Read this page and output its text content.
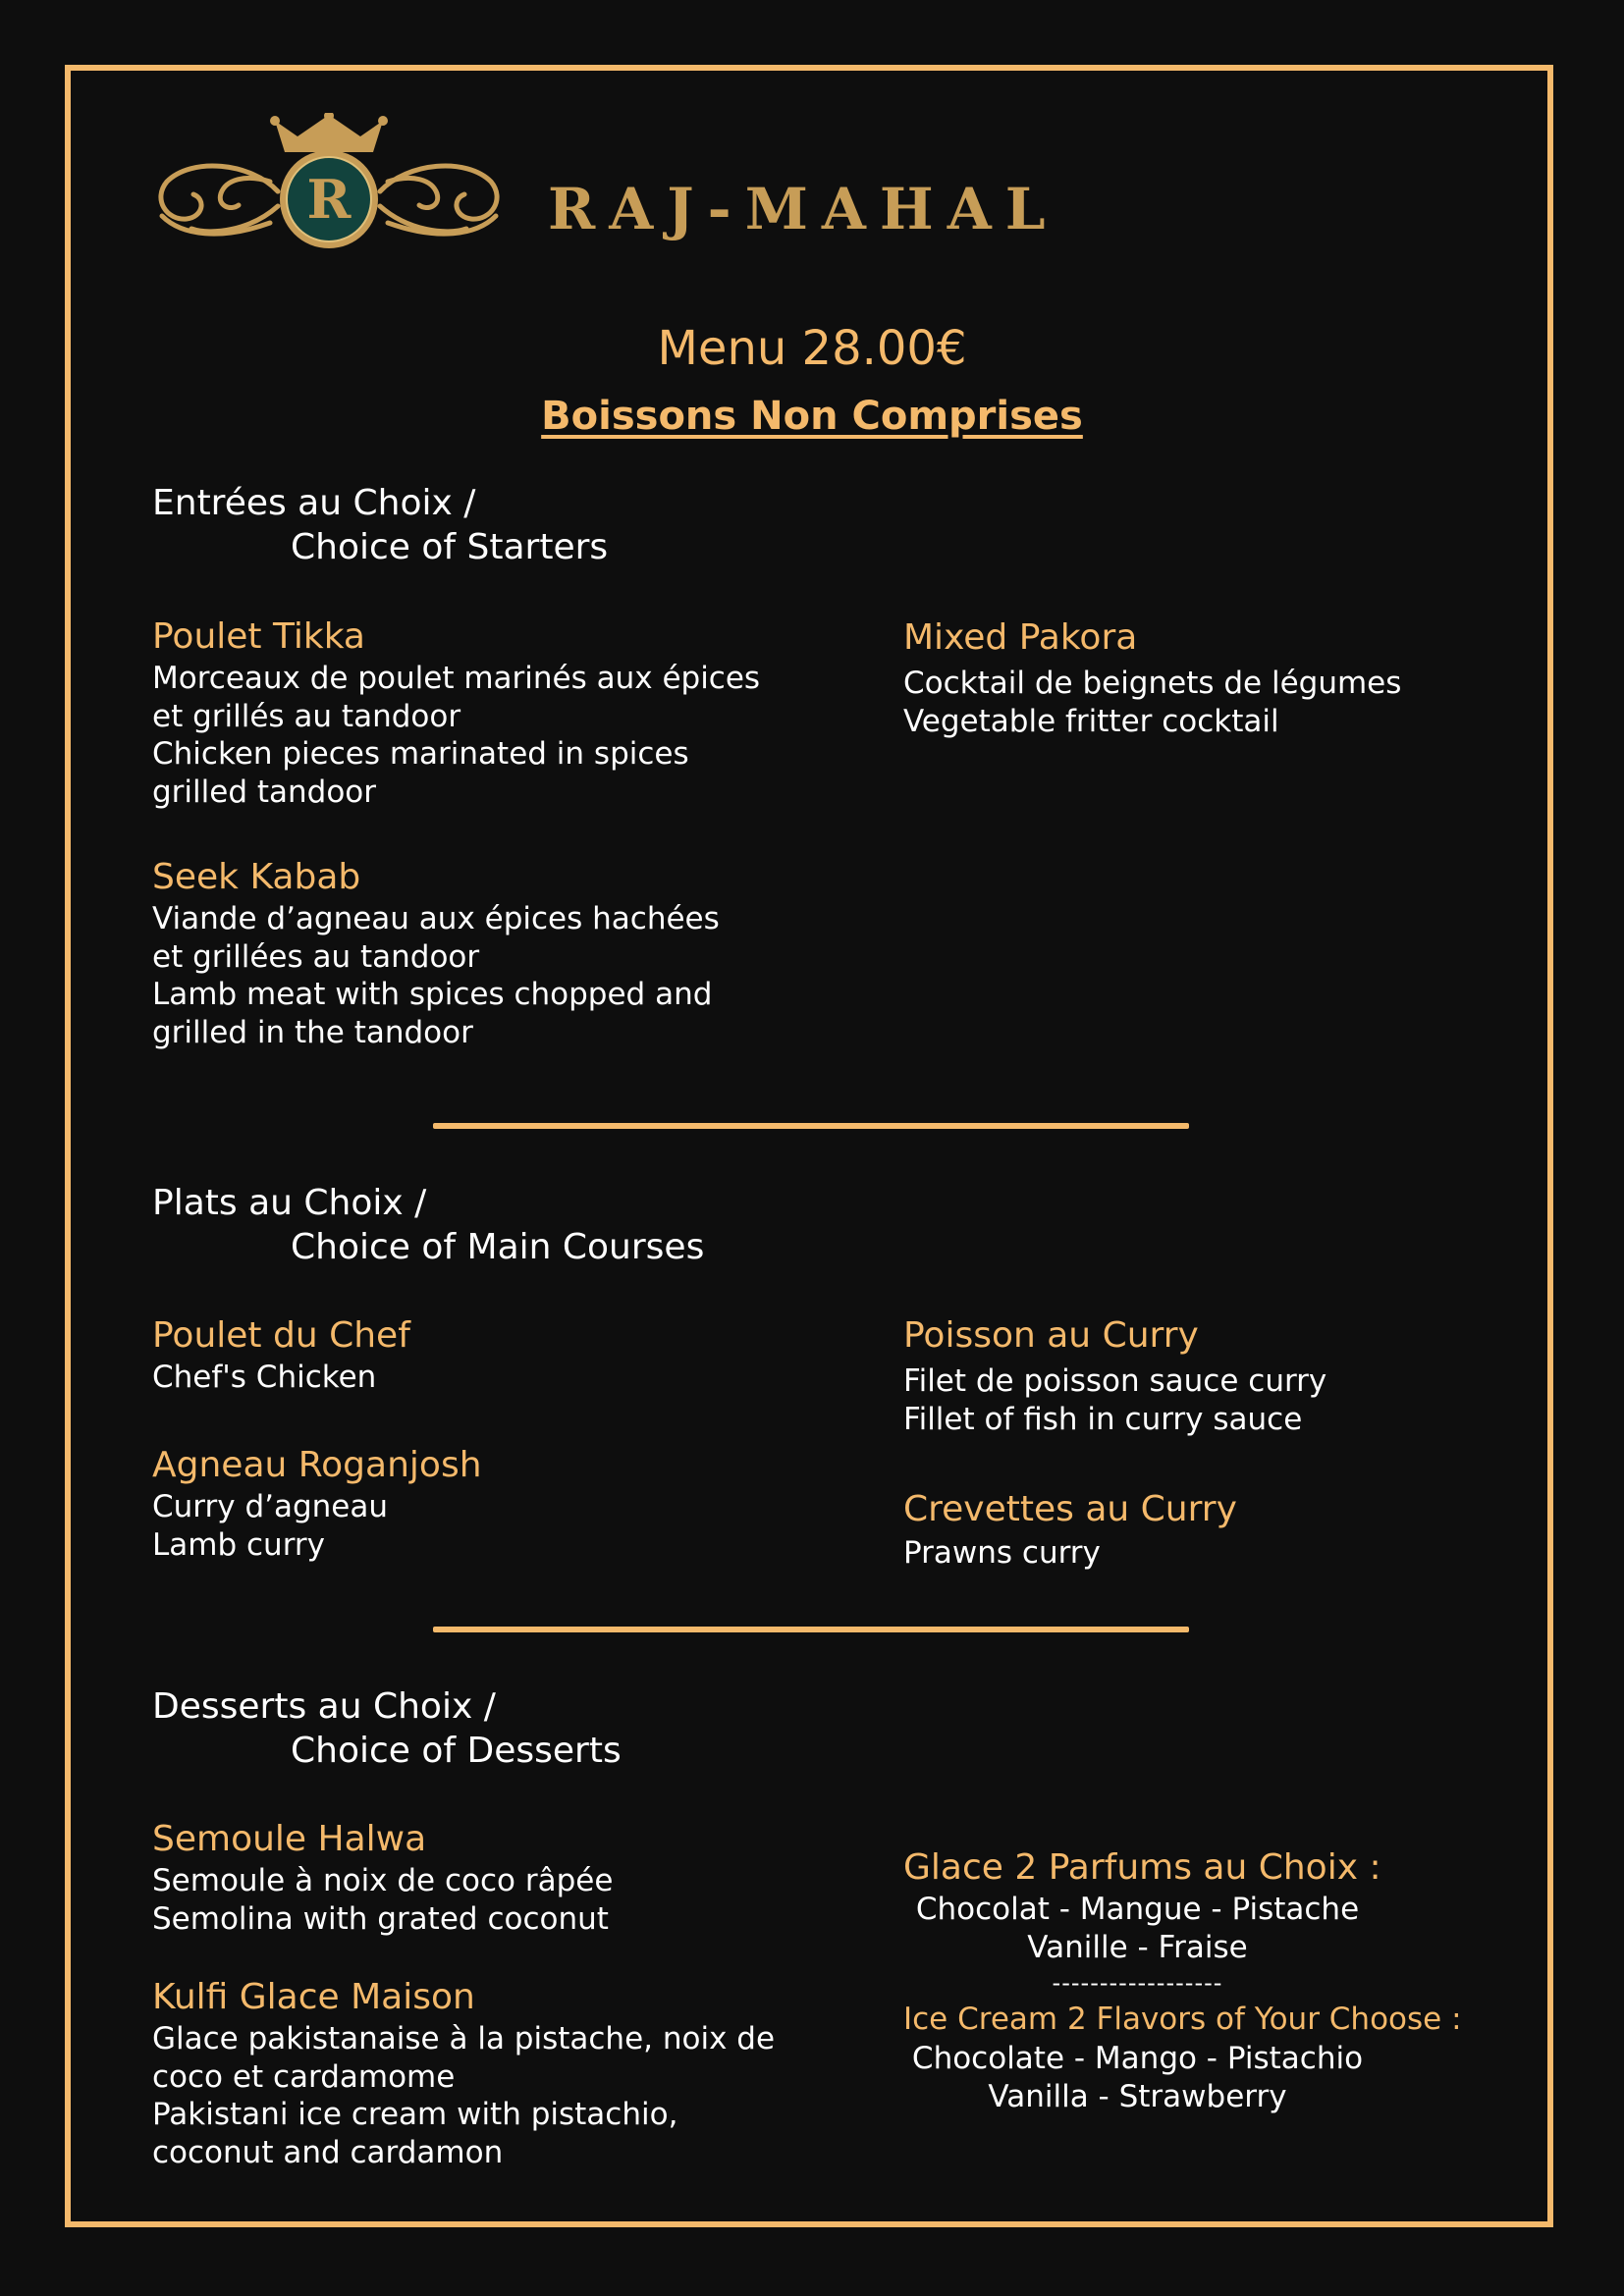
R	RAJ-MAHAL
Menu 28.00€
Boissons Non Comprises
Entrées au Choix /
Choice of Starters
Poulet Tikka
Morceaux de poulet marinés aux épices
et grillés au tandoor
Chicken pieces marinated in spices
grilled tandoor
Mixed Pakora
Cocktail de beignets de légumes
Vegetable fritter cocktail
Seek Kabab
Viande d’agneau aux épices hachées
et grillées au tandoor
Lamb meat with spices chopped and
grilled in the tandoor
Plats au Choix /
Choice of Main Courses
Poulet du Chef
Chef's Chicken
Poisson au Curry
Filet de poisson sauce curry
Fillet of fish in curry sauce
Agneau Roganjosh
Curry d’agneau
Lamb curry
Crevettes au Curry
Prawns curry
Desserts au Choix /
Choice of Desserts
Semoule Halwa
Semoule à noix de coco râpée
Semolina with grated coconut
Kulfi Glace Maison
Glace pakistanaise à la pistache, noix de
coco et cardamome
Pakistani ice cream with pistachio,
coconut and cardamon
Glace 2 Parfums au Choix :
Chocolat - Mangue - Pistache
Vanille - Fraise
------------------
Ice Cream 2 Flavors of Your Choose :
Chocolate - Mango - Pistachio
Vanilla - Strawberry
